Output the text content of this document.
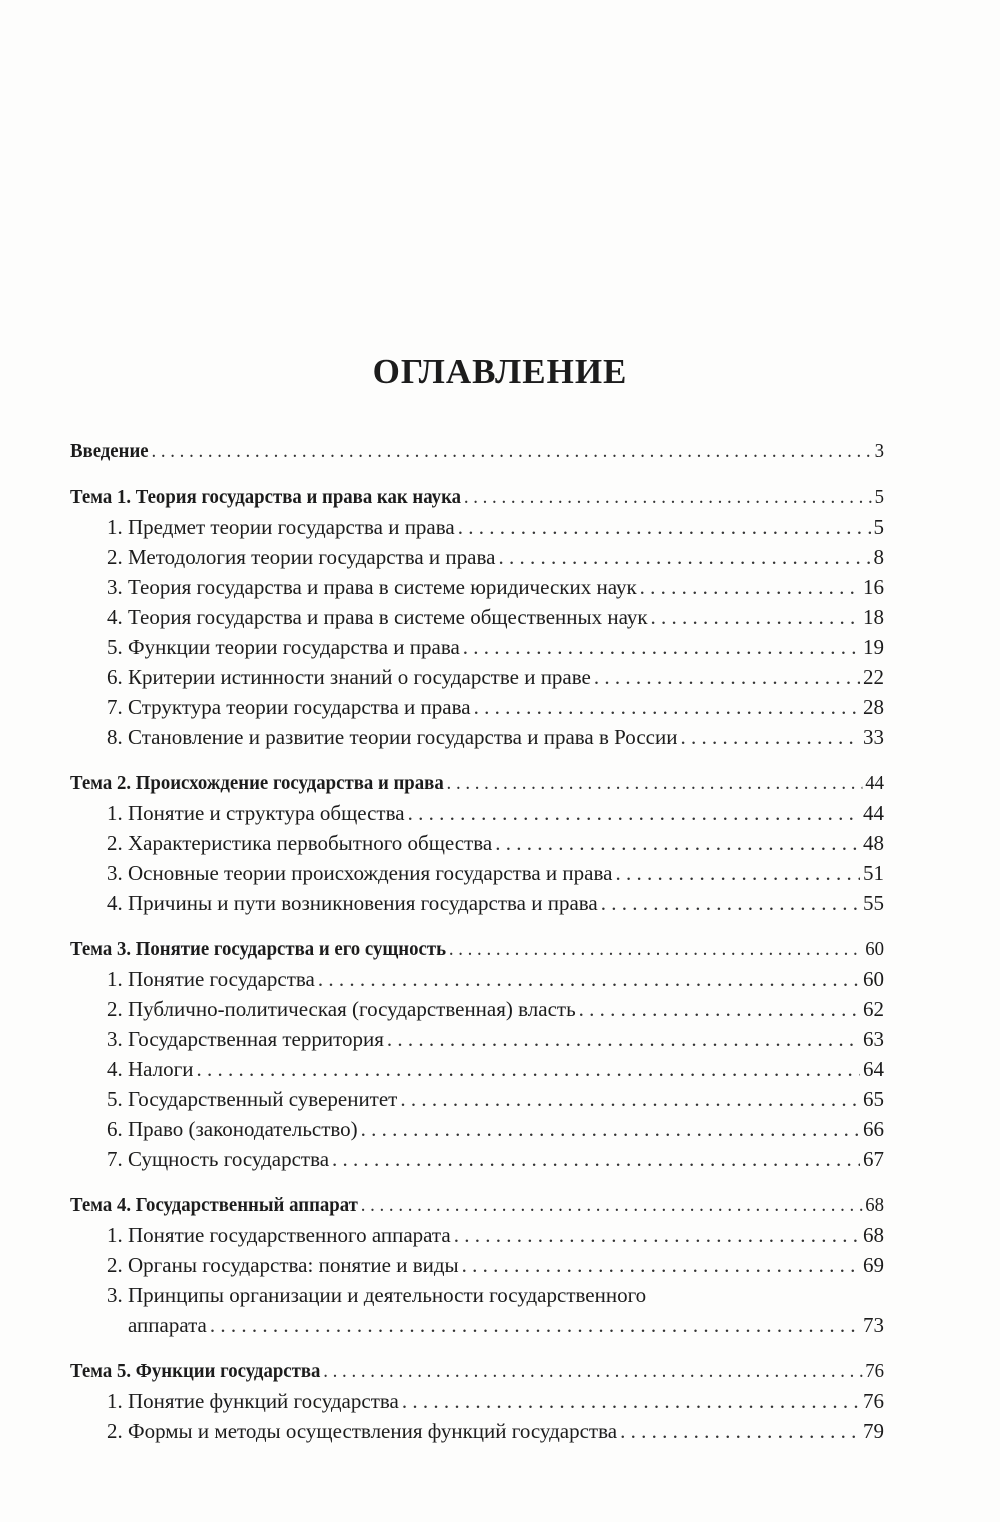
ОГЛАВЛЕНИЕ
Введение . . .	3
Тема 1. Теория государства и права как наука . . .	5
1. Предмет теории государства и права . . .	5
2. Методология теории государства и права . . .	8
3. Теория государства и права в системе юридических наук . . .	16
4. Теория государства и права в системе общественных наук . . .	18
5. Функции теории государства и права . . .	19
6. Критерии истинности знаний о государстве и праве . . .	22
7. Структура теории государства и права . . .	28
8. Становление и развитие теории государства и права в России . . .	33
Тема 2. Происхождение государства и права . . .	44
1. Понятие и структура общества . . .	44
2. Характеристика первобытного общества . . .	48
3. Основные теории происхождения государства и права . . .	51
4. Причины и пути возникновения государства и права . . .	55
Тема 3. Понятие государства и его сущность . . .	60
1. Понятие государства . . .	60
2. Публично-политическая (государственная) власть . . .	62
3. Государственная территория . . .	63
4. Налоги . . .	64
5. Государственный суверенитет . . .	65
6. Право (законодательство) . . .	66
7. Сущность государства . . .	67
Тема 4. Государственный аппарат . . .	68
1. Понятие государственного аппарата . . .	68
2. Органы государства: понятие и виды . . .	69
3. Принципы организации и деятельности государственного
аппарата . . .	73
Тема 5. Функции государства . . .	76
1. Понятие функций государства . . .	76
2. Формы и методы осуществления функций государства . . .	79
